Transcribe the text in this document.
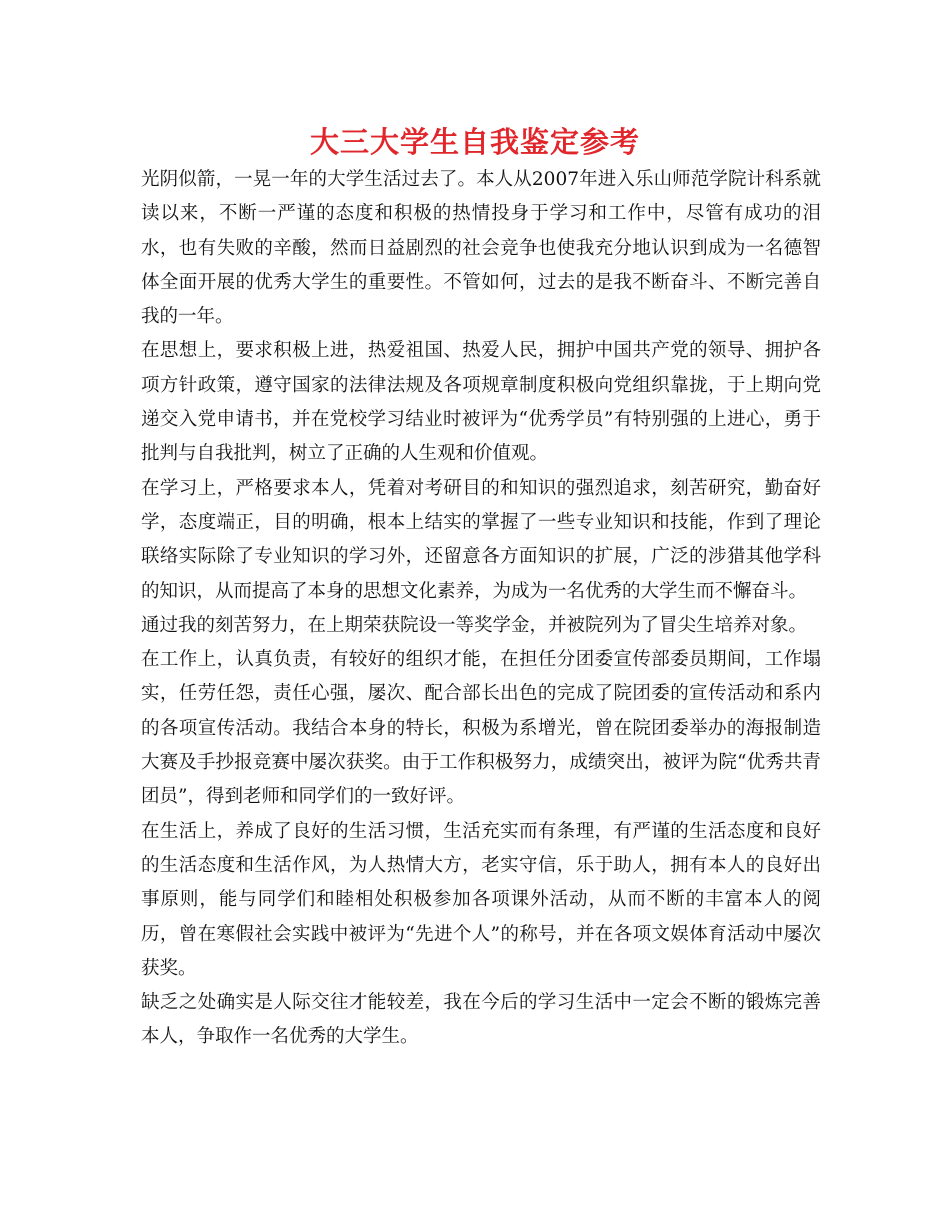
大三大学生自我鉴定参考

光阴似箭，一晃一年的大学生活过去了。本人从2007年进入乐山师范学院计科系就读以来，不断一严谨的态度和积极的热情投身于学习和工作中，尽管有成功的泪水，也有失败的辛酸，然而日益剧烈的社会竞争也使我充分地认识到成为一名德智体全面开展的优秀大学生的重要性。不管如何，过去的是我不断奋斗、不断完善自我的一年。

在思想上，要求积极上进，热爱祖国、热爱人民，拥护中国共产党的领导、拥护各项方针政策，遵守国家的法律法规及各项规章制度积极向党组织靠拢，于上期向党递交入党申请书，并在党校学习结业时被评为“优秀学员”有特别强的上进心，勇于批判与自我批判，树立了正确的人生观和价值观。

在学习上，严格要求本人，凭着对考研目的和知识的强烈追求，刻苦研究，勤奋好学，态度端正，目的明确，根本上结实的掌握了一些专业知识和技能，作到了理论联络实际除了专业知识的学习外，还留意各方面知识的扩展，广泛的涉猎其他学科的知识，从而提高了本身的思想文化素养，为成为一名优秀的大学生而不懈奋斗。

通过我的刻苦努力，在上期荣获院设一等奖学金，并被院列为了冒尖生培养对象。

在工作上，认真负责，有较好的组织才能，在担任分团委宣传部委员期间，工作塌实，任劳任怨，责任心强，屡次、配合部长出色的完成了院团委的宣传活动和系内的各项宣传活动。我结合本身的特长，积极为系增光，曾在院团委举办的海报制造大赛及手抄报竞赛中屡次获奖。由于工作积极努力，成绩突出，被评为院“优秀共青团员”，得到老师和同学们的一致好评。

在生活上，养成了良好的生活习惯，生活充实而有条理，有严谨的生活态度和良好的生活态度和生活作风，为人热情大方，老实守信，乐于助人，拥有本人的良好出事原则，能与同学们和睦相处积极参加各项课外活动，从而不断的丰富本人的阅历，曾在寒假社会实践中被评为“先进个人”的称号，并在各项文娱体育活动中屡次获奖。

缺乏之处确实是人际交往才能较差，我在今后的学习生活中一定会不断的锻炼完善本人，争取作一名优秀的大学生。
